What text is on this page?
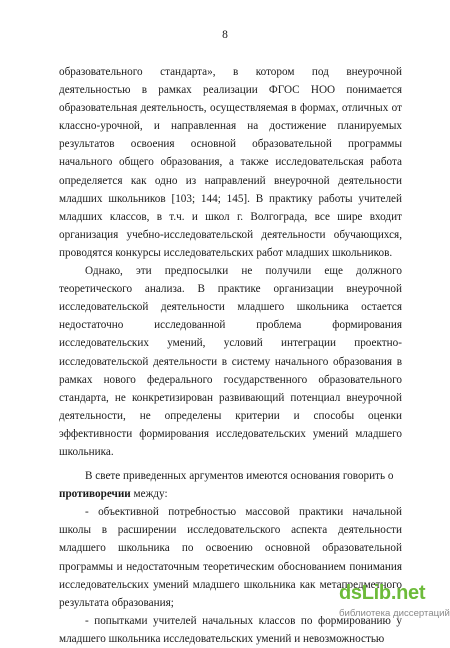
8

образовательного стандарта», в котором под внеурочной деятельностью в рамках реализации ФГОС НОО понимается образовательная деятельность, осуществляемая в формах, отличных от классно-урочной, и направленная на достижение планируемых результатов освоения основной образовательной программы начального общего образования, а также исследовательская работа определяется как одно из направлений внеурочной деятельности младших школьников [103; 144; 145]. В практику работы учителей младших классов, в т.ч. и школ г. Волгограда, все шире входит организация учебно-исследовательской деятельности обучающихся, проводятся конкурсы исследовательских работ младших школьников.

Однако, эти предпосылки не получили еще должного теоретического анализа. В практике организации внеурочной исследовательской деятельности младшего школьника остается недостаточно исследованной проблема формирования исследовательских умений, условий интеграции проектно-исследовательской деятельности в систему начального образования в рамках нового федерального государственного образовательного стандарта, не конкретизирован развивающий потенциал внеурочной деятельности, не определены критерии и способы оценки эффективности формирования исследовательских умений младшего школьника.

В свете приведенных аргументов имеются основания говорить о
противоречии между:

- объективной потребностью массовой практики начальной школы в расширении исследовательского аспекта деятельности младшего школьника по освоению основной образовательной программы и недостаточным теоретическим обоснованием понимания исследовательских умений младшего школьника как метапредметного результата образования;

- попытками учителей начальных классов по формированию у младшего школьника исследовательских умений и невозможностью

dsLib.net
библиотека диссертаций
